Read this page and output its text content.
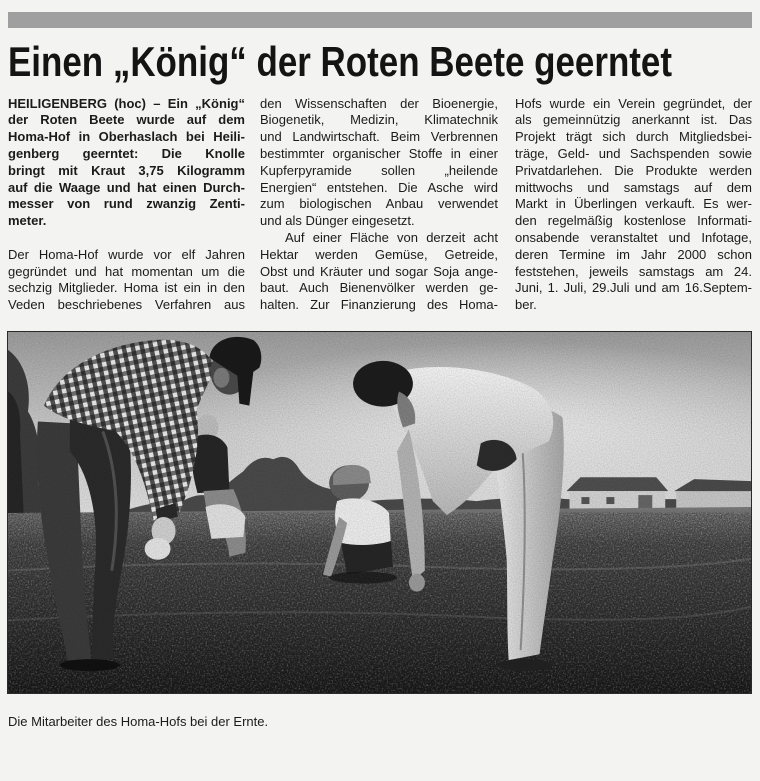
Einen „König“ der Roten Beete geerntet
HEILIGENBERG (hoc) – Ein „König“
der Roten Beete wurde auf dem
Homa-Hof in Oberhaslach bei Heili-
genberg geerntet: Die Knolle
bringt mit Kraut 3,75 Kilogramm
auf die Waage und hat einen Durch-
messer von rund zwanzig Zenti-
meter.
Der Homa-Hof wurde vor elf Jahren
gegründet und hat momentan um die
sechzig Mitglieder. Homa ist ein in den
Veden beschriebenes Verfahren aus
den Wissenschaften der Bioenergie,
Biogenetik, Medizin, Klimatechnik
und Landwirtschaft. Beim Verbrennen
bestimmter organischer Stoffe in einer
Kupferpyramide sollen „heilende
Energien“ entstehen. Die Asche wird
zum biologischen Anbau verwendet
und als Dünger eingesetzt.
Auf einer Fläche von derzeit acht
Hektar werden Gemüse, Getreide,
Obst und Kräuter und sogar Soja ange-
baut. Auch Bienenvölker werden ge-
halten. Zur Finanzierung des Homa-
Hofs wurde ein Verein gegründet, der
als gemeinnützig anerkannt ist. Das
Projekt trägt sich durch Mitgliedsbei-
träge, Geld- und Sachspenden sowie
Privatdarlehen. Die Produkte werden
mittwochs und samstags auf dem
Markt in Überlingen verkauft. Es wer-
den regelmäßig kostenlose Informati-
onsabende veranstaltet und Infotage,
deren Termine im Jahr 2000 schon
feststehen, jeweils samstags am 24.
Juni, 1. Juli, 29.Juli und am 16.Septem-
ber.
Die Mitarbeiter des Homa-Hofs bei der Ernte.
